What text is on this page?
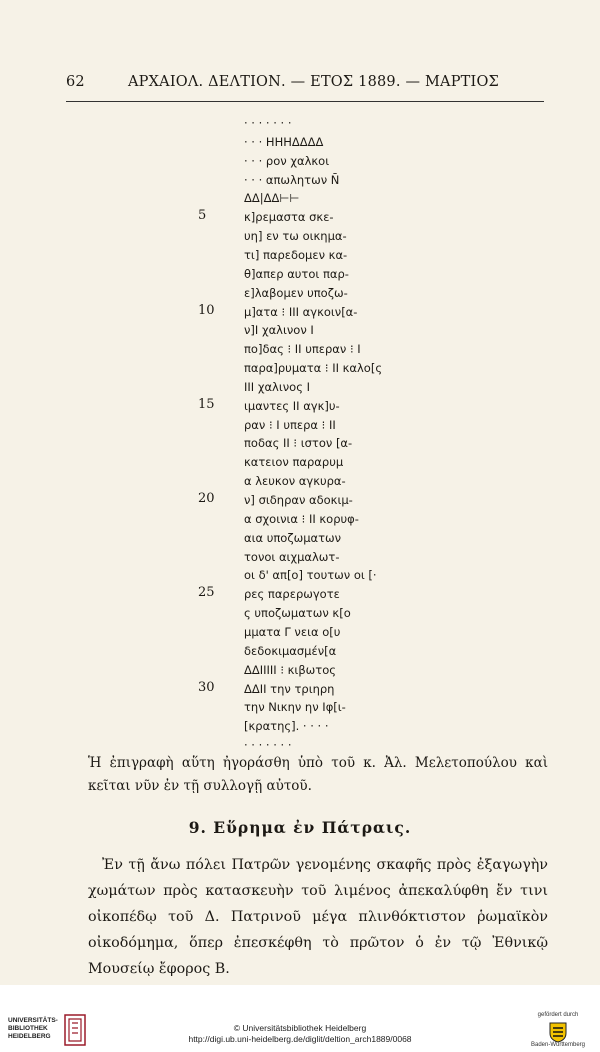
62	ΑΡΧΑΙΟΛ. ΔΕΛΤΙΟΝ. — ΕΤΟΣ 1889. — ΜΑΡΤΙΟΣ
· · · · · · ·
· · · ΗΗΗΔΔΔΔ
· · · ρον χαλκοι
· · · απωλητων N̄
ΔΔ|ΔΔ⊢⊢
κ]ρεμαστα σκε-
υη] εν τω οικημα-
τι] παρεδομεν κα-
θ]απερ αυτοι παρ-
ε]λαβομεν υποζω-
μ]ατα ⁝ ΙΙΙ αγκοιν[α-
ν]Ι χαλινον Ι
πο]δας ⁝ ΙΙ υπεραν ⁝ Ι
παρα]ρυματα ⁝ ΙΙ καλο[ς
ΙΙΙ χαλινος Ι
ιμαντες ΙΙ αγκ]υ-
ραν ⁝ Ι υπερα ⁝ ΙΙ
ποδας ΙΙ ⁝ ιστον [α-
κατειον παραρυμ
α λευκον αγκυρα-
ν] σιδηραν αδοκιμ-
α σχοινια ⁝ ΙΙ κορυφ-
αια υποζωματων
τονοι αιχμαλωτ-
οι δ' απ[ο] τουτων οι [·
ρες παρερωγοτε
ς υποζωματων κ[ο
μματα Γ νεια ο[υ
δεδοκιμασμέν[α
ΔΔΙΙΙΙΙ ⁝ κιβωτος
ΔΔΙΙ την τριηρη
την Νικην ην Ιφ[ι-
[κρατης]. · · · ·
· · · · · · ·
5
10
15
20
25
30
Ἡ ἐπιγραφὴ αὕτη ἠγοράσθη ὑπὸ τοῦ κ. Ἀλ. Μελετοπούλου καὶ κεῖται νῦν ἐν τῇ συλλογῇ αὐτοῦ.
9. Εὕρημα ἐν Πάτραις.
Ἐν τῇ ἄνω πόλει Πατρῶν γενομένης σκαφῆς πρὸς ἐξαγωγὴν χωμάτων πρὸς κατασκευὴν τοῦ λιμένος ἀπεκαλύφθη ἔν τινι οἰκοπέδῳ τοῦ Δ. Πατρινοῦ μέγα πλινθόκτιστον ῥωμαϊκὸν οἰκοδόμημα, ὅπερ ἐπεσκέφθη τὸ πρῶτον ὁ ἐν τῷ Ἐθνικῷ Μουσείῳ ἔφορος Β.
UNIVERSITÄTS-
BIBLIOTHEK
HEIDELBERG
© Universitätsbibliothek Heidelberg
http://digi.ub.uni-heidelberg.de/diglit/deltion_arch1889/0068
gefördert durch
Baden-Württemberg
